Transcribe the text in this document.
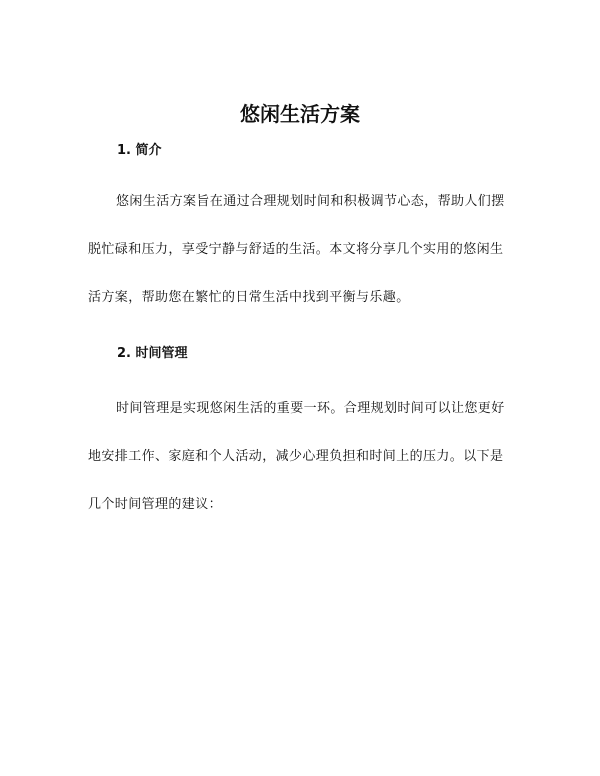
悠闲生活方案
1. 简介

悠闲生活方案旨在通过合理规划时间和积极调节心态，帮助人们摆脱忙碌和压力，享受宁静与舒适的生活。本文将分享几个实用的悠闲生活方案，帮助您在繁忙的日常生活中找到平衡与乐趣。

2. 时间管理

时间管理是实现悠闲生活的重要一环。合理规划时间可以让您更好地安排工作、家庭和个人活动，减少心理负担和时间上的压力。以下是几个时间管理的建议：
